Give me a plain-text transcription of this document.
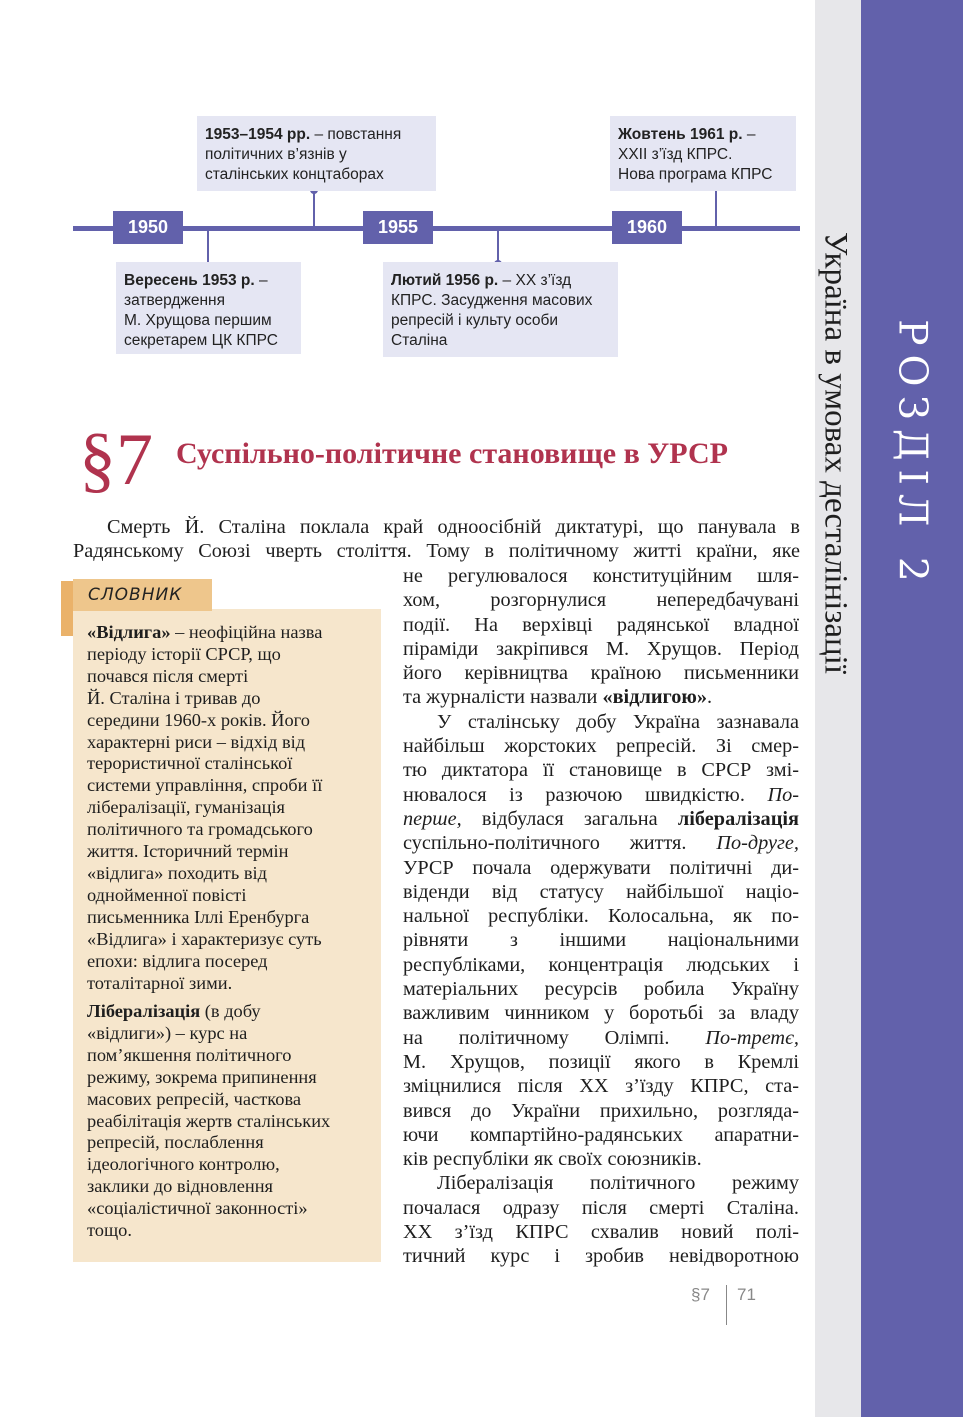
РОЗДІЛ 2
Україна в умовах десталінізації
1950	1955	1960
1953–1954 рр. – повстання
політичних в’язнів у
сталінських концтаборах
Жовтень 1961 р. –
ХХІІ з’їзд КПРС.
Нова програма КПРС
Вересень 1953 р. –
затвердження
М. Хрущова першим
секретарем ЦК КПРС
Лютий 1956 р. – ХХ з’їзд
КПРС. Засудження масових
репресій і культу особи
Сталіна
§7 Суспільно-політичне становище в УРСР
Смерть Й. Сталіна поклала край одноосібній диктатурі, що панувала в
Радянському Союзі чверть століття. Тому в політичному житті країни, яке
СЛОВНИК
«Відлига» – неофіційна назва
періоду історії СРСР, що
почався після смерті
Й. Сталіна і тривав до
середини 1960-х років. Його
характерні риси – відхід від
терористичної сталінської
системи управління, спроби її
лібералізації, гуманізація
політичного та громадського
життя. Історичний термін
«відлига» походить від
однойменної повісті
письменника Іллі Еренбурга
«Відлига» і характеризує суть
епохи: відлига посеред
тоталітарної зими.
Лібералізація (в добу
«відлиги») – курс на
пом’якшення політичного
режиму, зокрема припинення
масових репресій, часткова
реабілітація жертв сталінських
репресій, послаблення
ідеологічного контролю,
заклики до відновлення
«соціалістичної законності»
тощо.
не регулювалося конституційним шля-
хом, розгорнулися непередбачувані
події. На верхівці радянської владної
піраміди закріпився М. Хрущов. Період
його керівництва країною письменники
та журналісти назвали «відлигою».
У сталінську добу Україна зазнавала
найбільш жорстоких репресій. Зі смер-
тю диктатора її становище в СРСР змі-
нювалося із разючою швидкістю. По-
перше, відбулася загальна лібералізація
суспільно-політичного життя. По-друге,
УРСР почала одержувати політичні ди-
віденди від статусу найбільшої націо-
нальної республіки. Колосальна, як по-
рівняти з іншими національними
республіками, концентрація людських і
матеріальних ресурсів робила Україну
важливим чинником у боротьбі за владу
на політичному Олімпі. По-третє,
М. Хрущов, позиції якого в Кремлі
зміцнилися після ХХ з’їзду КПРС, ста-
вився до України прихильно, розгляда-
ючи компартійно-радянських апаратни-
ків республіки як своїх союзників.
Лібералізація політичного режиму
почалася одразу після смерті Сталіна.
ХХ з’їзд КПРС схвалив новий полі-
тичний курс і зробив невідворотною
§7 71
